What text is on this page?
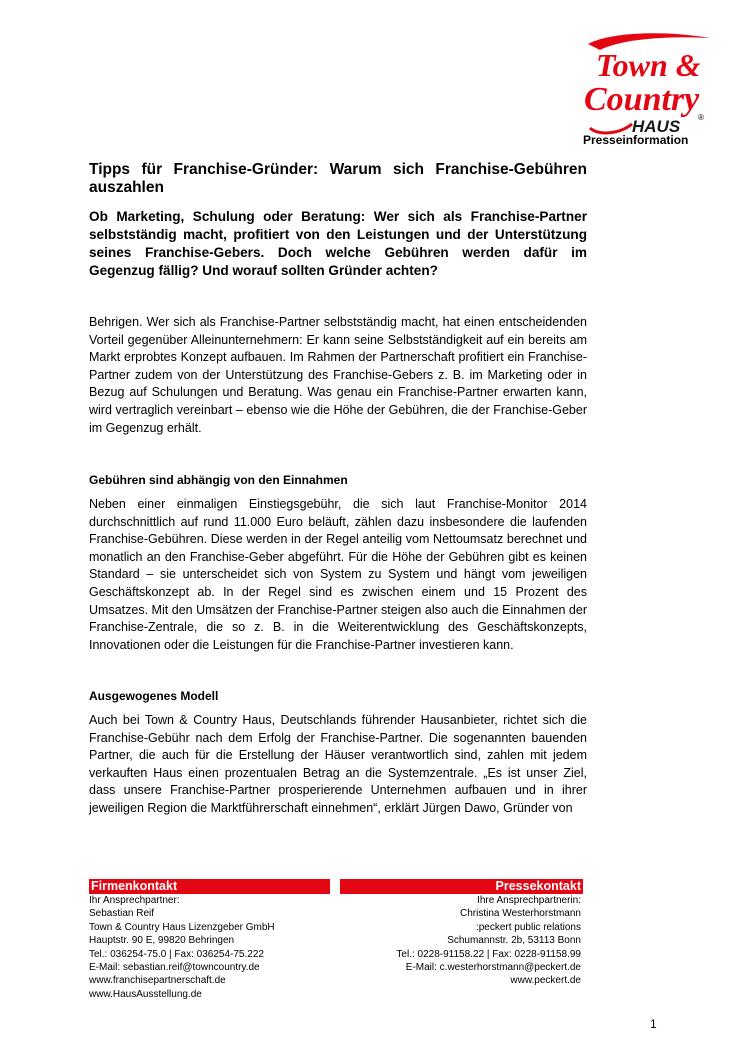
Town &
Country
HAUS ®
Presseinformation
Tipps für Franchise-Gründer: Warum sich Franchise-Gebühren auszahlen
Ob Marketing, Schulung oder Beratung: Wer sich als Franchise-Partner selbstständig macht, profitiert von den Leistungen und der Unterstützung seines Franchise-Gebers. Doch welche Gebühren werden dafür im Gegenzug fällig? Und worauf sollten Gründer achten?
Behrigen. Wer sich als Franchise-Partner selbstständig macht, hat einen entscheidenden Vorteil gegenüber Alleinunternehmern: Er kann seine Selbstständigkeit auf ein bereits am Markt erprobtes Konzept aufbauen. Im Rahmen der Partnerschaft profitiert ein Franchise-Partner zudem von der Unterstützung des Franchise-Gebers z. B. im Marketing oder in Bezug auf Schulungen und Beratung. Was genau ein Franchise-Partner erwarten kann, wird vertraglich vereinbart – ebenso wie die Höhe der Gebühren, die der Franchise-Geber im Gegenzug erhält.
Gebühren sind abhängig von den Einnahmen
Neben einer einmaligen Einstiegsgebühr, die sich laut Franchise-Monitor 2014 durchschnittlich auf rund 11.000 Euro beläuft, zählen dazu insbesondere die laufenden Franchise-Gebühren. Diese werden in der Regel anteilig vom Nettoumsatz berechnet und monatlich an den Franchise-Geber abgeführt. Für die Höhe der Gebühren gibt es keinen Standard – sie unterscheidet sich von System zu System und hängt vom jeweiligen Geschäftskonzept ab. In der Regel sind es zwischen einem und 15 Prozent des Umsatzes. Mit den Umsätzen der Franchise-Partner steigen also auch die Einnahmen der Franchise-Zentrale, die so z. B. in die Weiterentwicklung des Geschäftskonzepts, Innovationen oder die Leistungen für die Franchise-Partner investieren kann.
Ausgewogenes Modell
Auch bei Town & Country Haus, Deutschlands führender Hausanbieter, richtet sich die Franchise-Gebühr nach dem Erfolg der Franchise-Partner. Die sogenannten bauenden Partner, die auch für die Erstellung der Häuser verantwortlich sind, zahlen mit jedem verkauften Haus einen prozentualen Betrag an die Systemzentrale. „Es ist unser Ziel, dass unsere Franchise-Partner prosperierende Unternehmen aufbauen und in ihrer jeweiligen Region die Marktführerschaft einnehmen“, erklärt Jürgen Dawo, Gründer von
Firmenkontakt	Pressekontakt
Ihr Ansprechpartner:
Sebastian Reif
Town & Country Haus Lizenzgeber GmbH
Hauptstr. 90 E, 99820 Behringen
Tel.: 036254-75.0 | Fax: 036254-75.222
E-Mail: sebastian.reif@towncountry.de
www.franchisepartnerschaft.de
www.HausAusstellung.de
Ihre Ansprechpartnerin:
Christina Westerhorstmann
:peckert public relations
Schumannstr. 2b, 53113 Bonn
Tel.: 0228-91158.22 | Fax: 0228-91158.99
E-Mail: c.westerhorstmann@peckert.de
www.peckert.de
1
